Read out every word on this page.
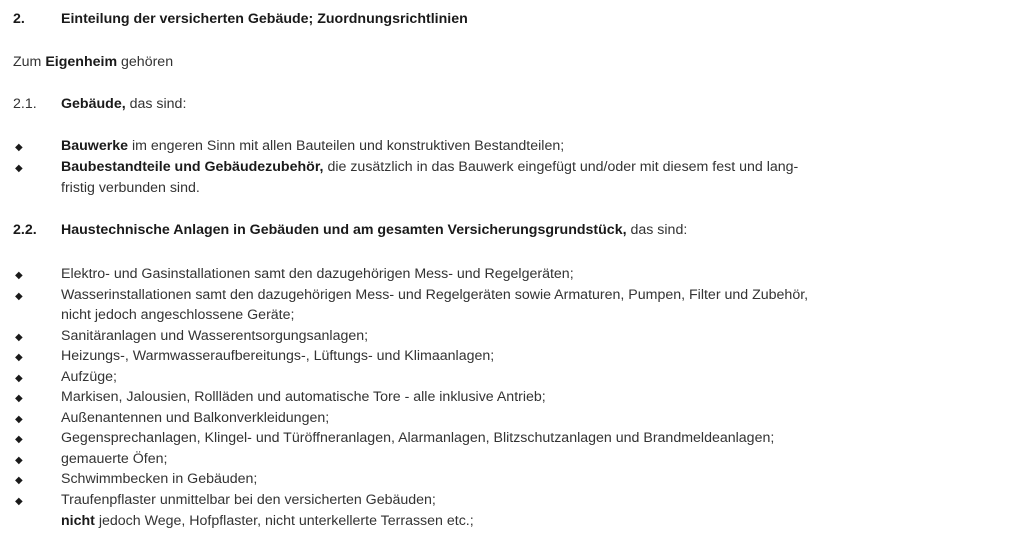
2.	Einteilung der versicherten Gebäude; Zuordnungsrichtlinien
Zum Eigenheim gehören
2.1. Gebäude, das sind:
◆	Bauwerke im engeren Sinn mit allen Bauteilen und konstruktiven Bestandteilen;
◆	Baubestandteile und Gebäudezubehör, die zusätzlich in das Bauwerk eingefügt und/oder mit diesem fest und lang-
fristig verbunden sind.
2.2. Haustechnische Anlagen in Gebäuden und am gesamten Versicherungsgrundstück, das sind:
◆	Elektro- und Gasinstallationen samt den dazugehörigen Mess- und Regelgeräten;
◆	Wasserinstallationen samt den dazugehörigen Mess- und Regelgeräten sowie Armaturen, Pumpen, Filter und Zubehör,
nicht jedoch angeschlossene Geräte;
◆	Sanitäranlagen und Wasserentsorgungsanlagen;
◆	Heizungs-, Warmwasseraufbereitungs-, Lüftungs- und Klimaanlagen;
◆	Aufzüge;
◆	Markisen, Jalousien, Rollläden und automatische Tore - alle inklusive Antrieb;
◆	Außenantennen und Balkonverkleidungen;
◆	Gegensprechanlagen, Klingel- und Türöffneranlagen, Alarmanlagen, Blitzschutzanlagen und Brandmeldeanlagen;
◆	gemauerte Öfen;
◆	Schwimmbecken in Gebäuden;
◆	Traufenpflaster unmittelbar bei den versicherten Gebäuden;
nicht jedoch Wege, Hofpflaster, nicht unterkellerte Terrassen etc.;
